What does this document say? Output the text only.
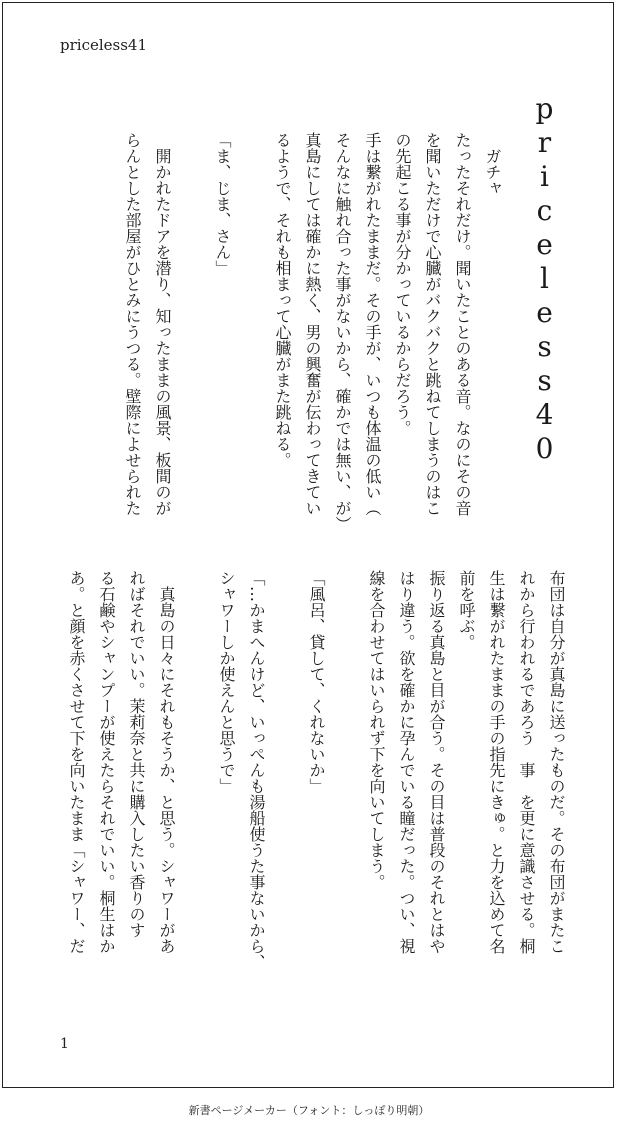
priceless41
priceless40

　ガチャ
たったそれだけ。聞いたことのある音。なのにその音
を聞いただけで心臓がバクバクと跳ねてしまうのはこ
の先起こる事が分かっているからだろう。
手は繋がれたままだ。その手が、いつも体温の低い（
そんなに触れ合った事がないから、確かでは無い、が）
真島にしては確かに熱く、男の興奮が伝わってきてい
るようで、それも相まって心臓がまた跳ねる。

「ま、じま、さん」

　開かれたドアを潜り、知ったままの風景、板間のが
らんとした部屋がひとみにうつる。壁際によせられた
布団は自分が真島に送ったものだ。その布団がまたこ
れから行われるであろう　事　を更に意識させる。桐
生は繋がれたままの手の指先にきゅ。と力を込めて名
前を呼ぶ。
振り返る真島と目が合う。その目は普段のそれとはや
はり違う。欲を確かに孕んでいる瞳だった。つい、視
線を合わせてはいられず下を向いてしまう。

「風呂、貸して、くれないか」

「…かまへんけど、いっぺんも湯船使うた事ないから、
シャワーしか使えんと思うで」

　真島の日々にそれもそうか、と思う。シャワーがあ
ればそれでいい。茉莉奈と共に購入したい香りのす
る石鹸やシャンプーが使えたらそれでいい。桐生はか
あ。と顔を赤くさせて下を向いたまま「シャワー、だ
1
新書ページメーカー（フォント：しっぽり明朝）
